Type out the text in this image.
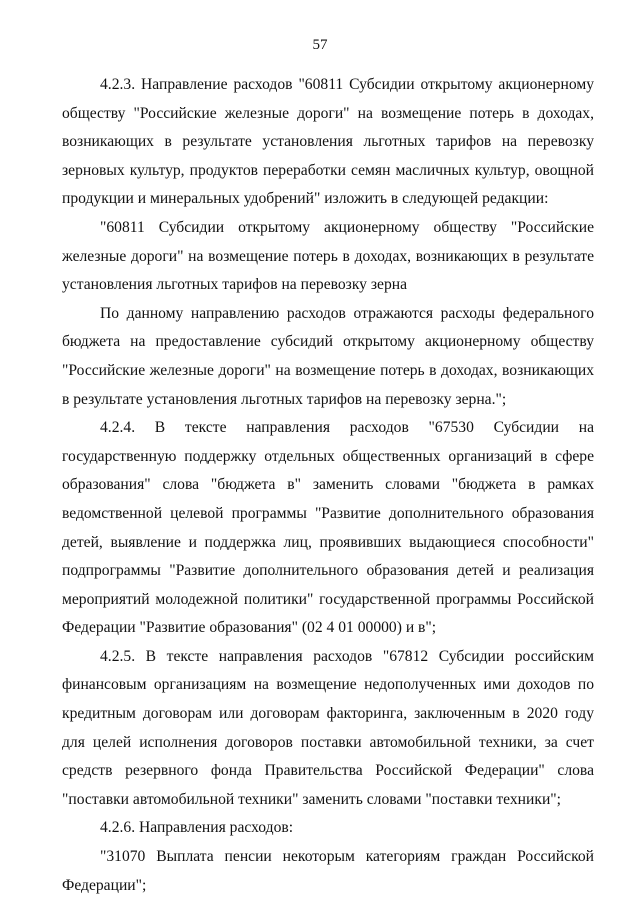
57

4.2.3. Направление расходов "60811 Субсидии открытому акционерному обществу "Российские железные дороги" на возмещение потерь в доходах, возникающих в результате установления льготных тарифов на перевозку зерновых культур, продуктов переработки семян масличных культур, овощной продукции и минеральных удобрений" изложить в следующей редакции:

"60811 Субсидии открытому акционерному обществу "Российские железные дороги" на возмещение потерь в доходах, возникающих в результате установления льготных тарифов на перевозку зерна

По данному направлению расходов отражаются расходы федерального бюджета на предоставление субсидий открытому акционерному обществу "Российские железные дороги" на возмещение потерь в доходах, возникающих в результате установления льготных тарифов на перевозку зерна.";

4.2.4. В тексте направления расходов "67530 Субсидии на государственную поддержку отдельных общественных организаций в сфере образования" слова "бюджета в" заменить словами "бюджета в рамках ведомственной целевой программы "Развитие дополнительного образования детей, выявление и поддержка лиц, проявивших выдающиеся способности" подпрограммы "Развитие дополнительного образования детей и реализация мероприятий молодежной политики" государственной программы Российской Федерации "Развитие образования" (02 4 01 00000) и в";

4.2.5. В тексте направления расходов "67812 Субсидии российским финансовым организациям на возмещение недополученных ими доходов по кредитным договорам или договорам факторинга, заключенным в 2020 году для целей исполнения договоров поставки автомобильной техники, за счет средств резервного фонда Правительства Российской Федерации" слова "поставки автомобильной техники" заменить словами "поставки техники";

4.2.6. Направления расходов:

"31070 Выплата пенсии некоторым категориям граждан Российской Федерации";
